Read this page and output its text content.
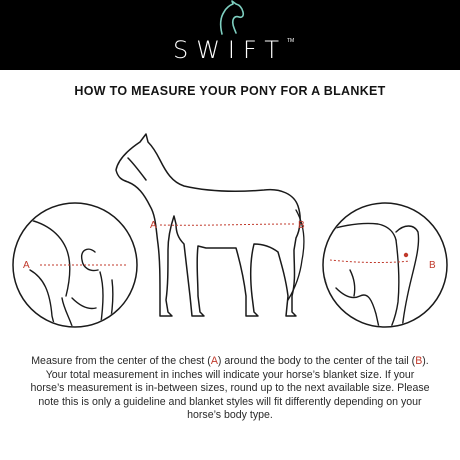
SWIFT TM
HOW TO MEASURE YOUR PONY FOR A BLANKET
A
A	B
B
Measure from the center of the chest (A) around the body to the center of the tail (B). Your total measurement in inches will indicate your horse’s blanket size. If your horse’s measurement is in-between sizes, round up to the next available size. Please note this is only a guideline and blanket styles will fit differently depending on your horse’s body type.
